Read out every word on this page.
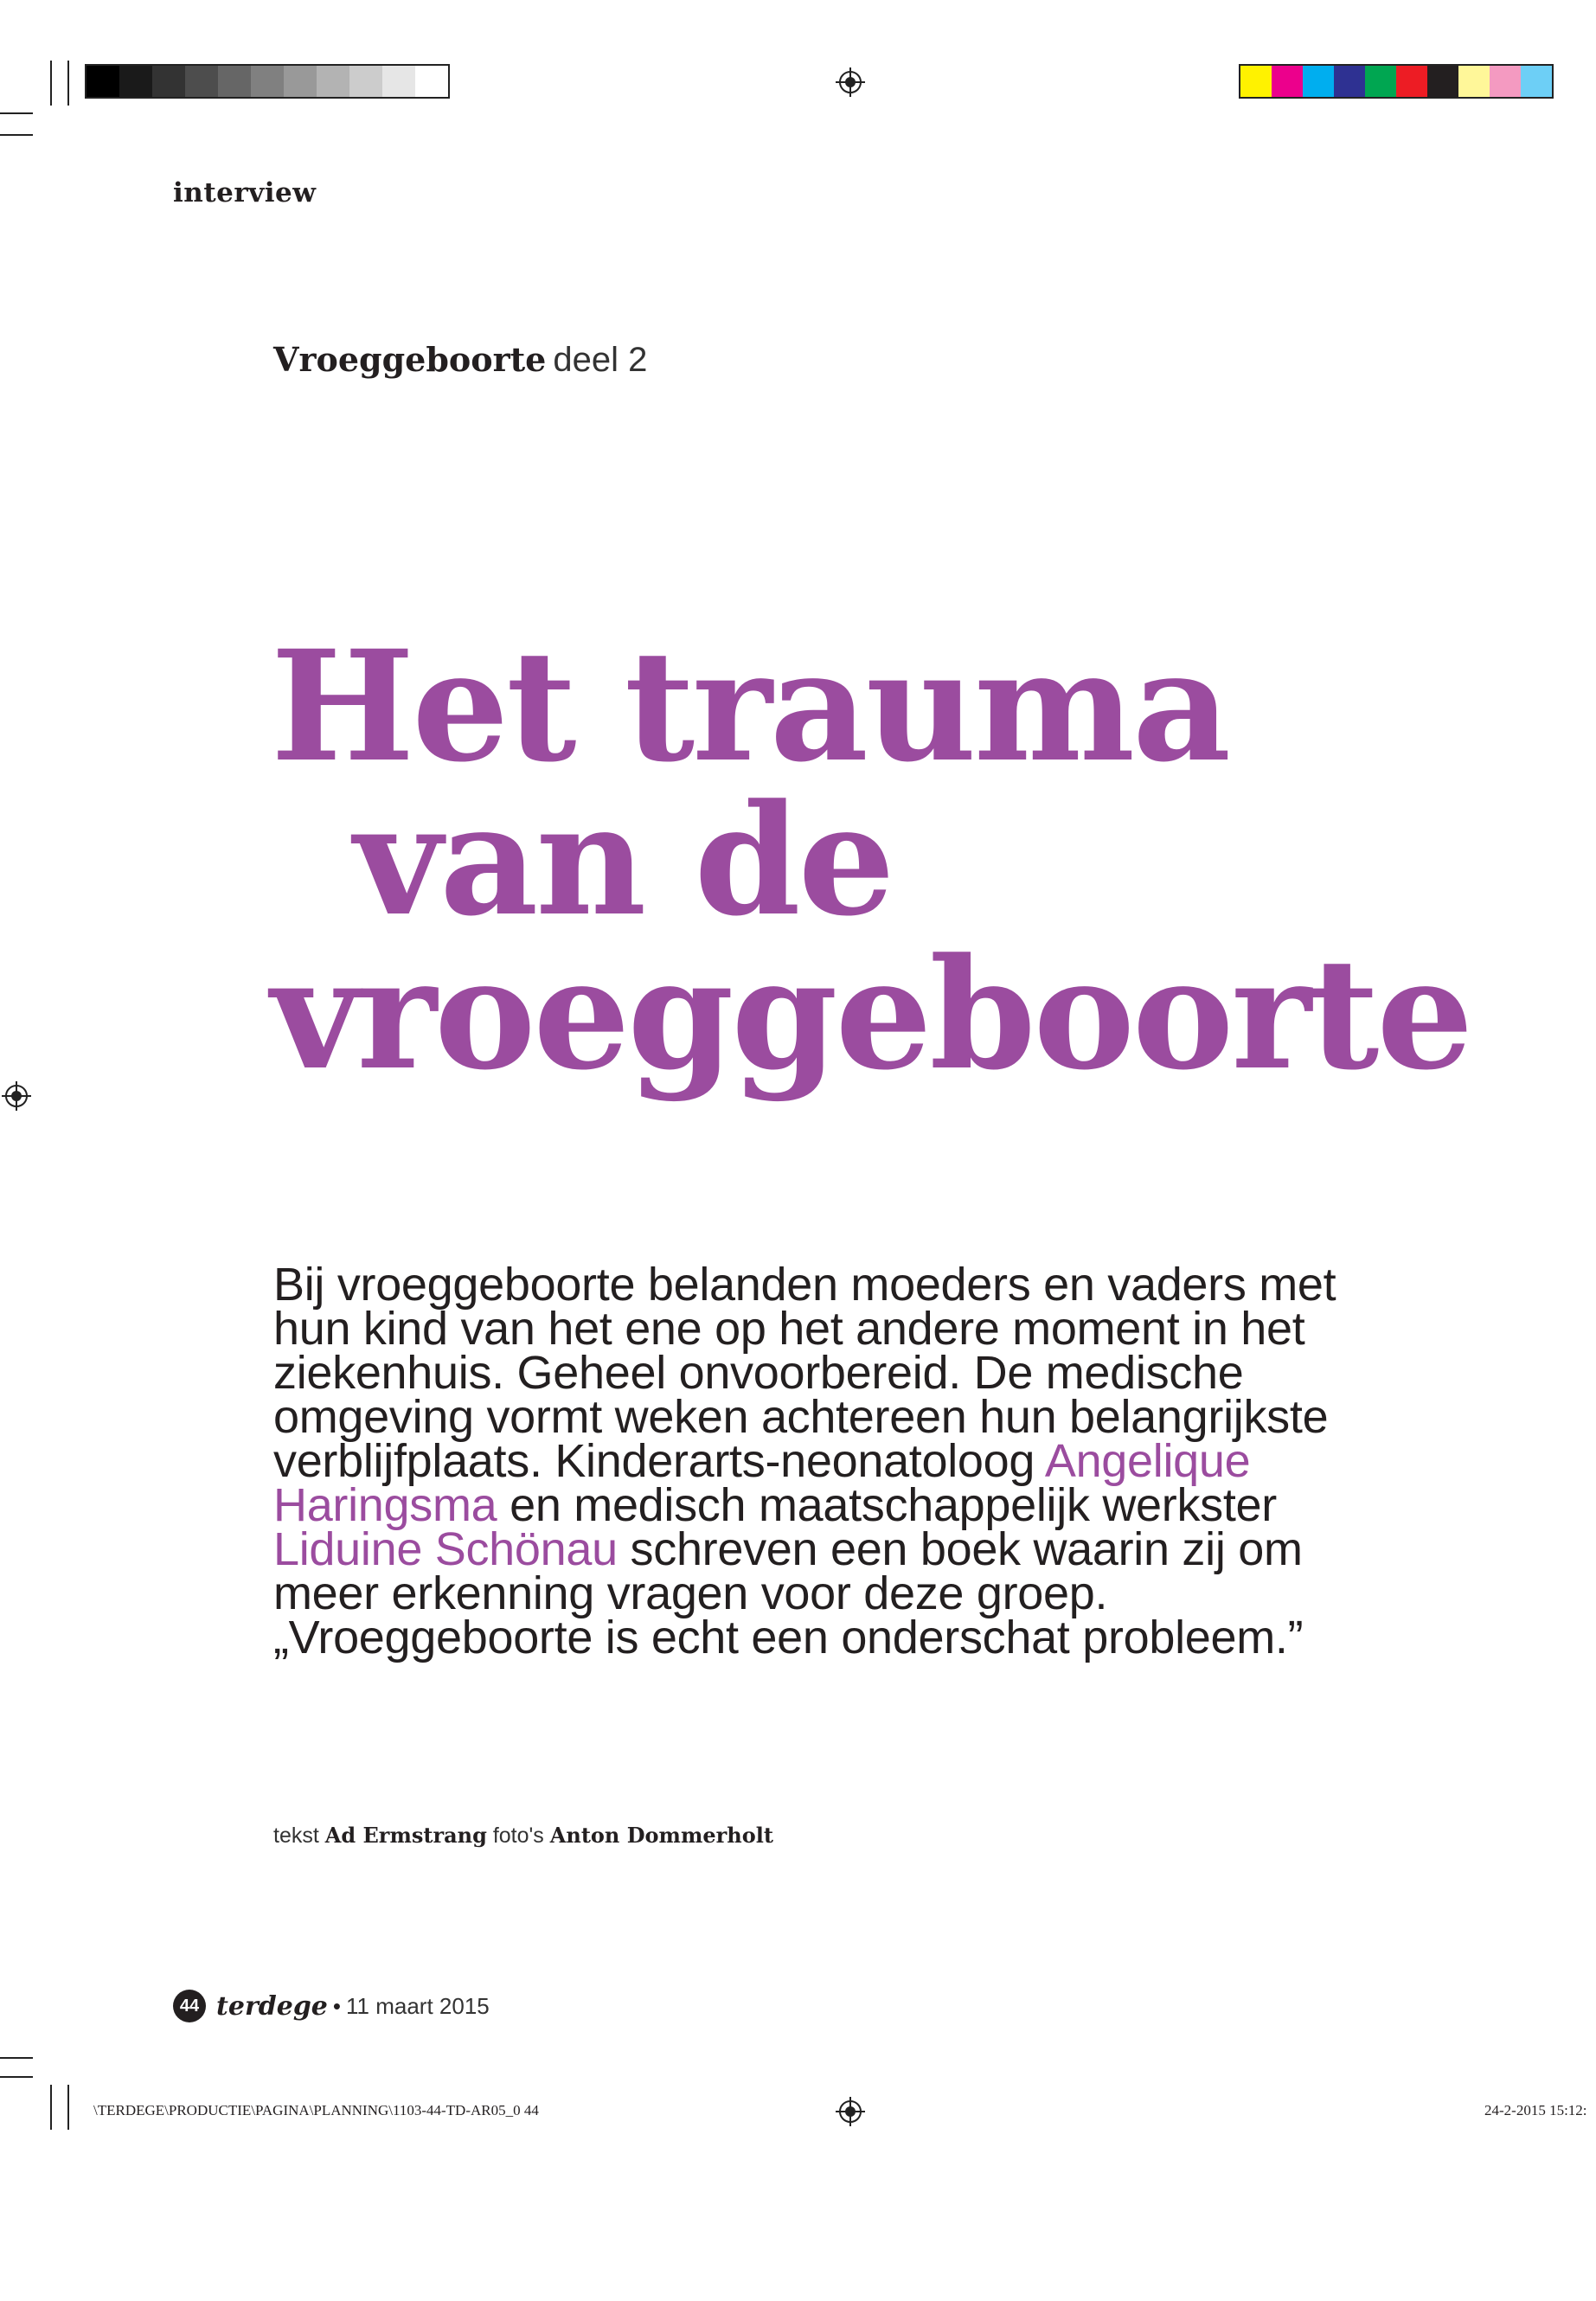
interview
Vroeggeboorte deel 2
Het trauma
van de
vroeggeboorte

Bij vroeggeboorte belanden moeders en vaders met hun kind van het ene op het andere moment in het ziekenhuis. Geheel onvoorbereid. De medische omgeving vormt weken achtereen hun belangrijkste verblijfplaats. Kinderarts-neonatoloog Angelique Haringsma en medisch maatschappelijk werkster Liduine Schönau schreven een boek waarin zij om meer erkenning vragen voor deze groep. „Vroeggeboorte is echt een onderschat probleem.”

tekst Ad Ermstrang foto's Anton Dommerholt
44 terdege • 11 maart 2015
\TERDEGE\PRODUCTIE\PAGINA\PLANNING\1103-44-TD-AR05_0 44	24-2-2015 15:12:
